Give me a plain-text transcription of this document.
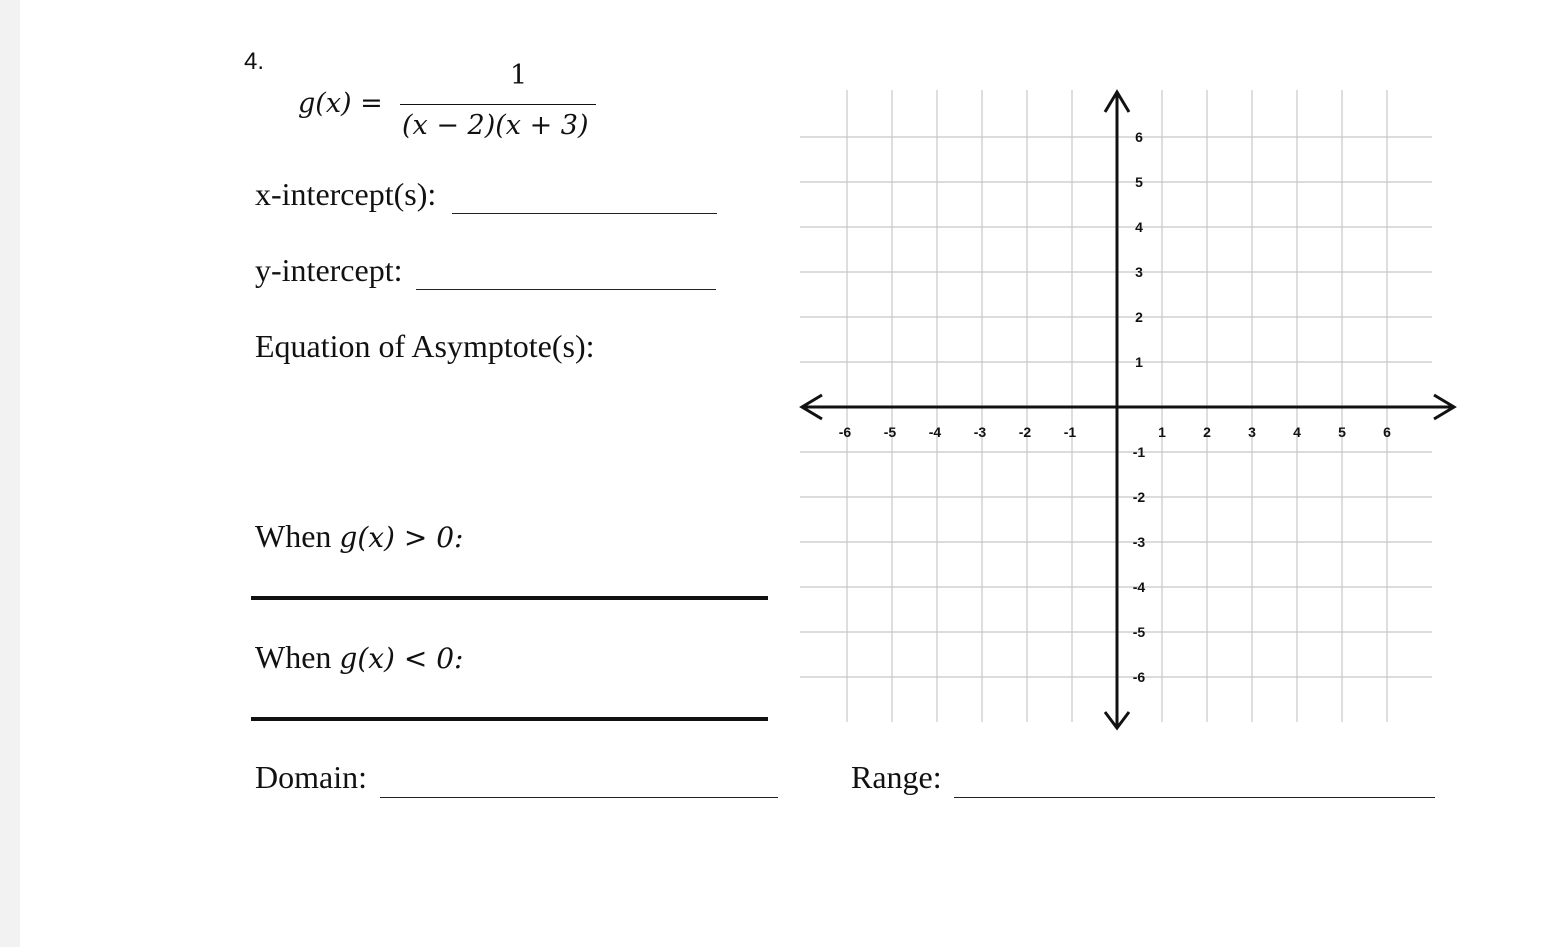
4.
g(x) =
1
(x − 2)(x + 3)
x-intercept(s):
y-intercept:
Equation of Asymptote(s):
When g(x) > 0:
When g(x) < 0:
Domain:	Range:
-6 -5 -4 -3 -2 -1	1	2	3	4	5	6
6
5
4
3
2
1
-1
-2
-3
-4
-5
-6
